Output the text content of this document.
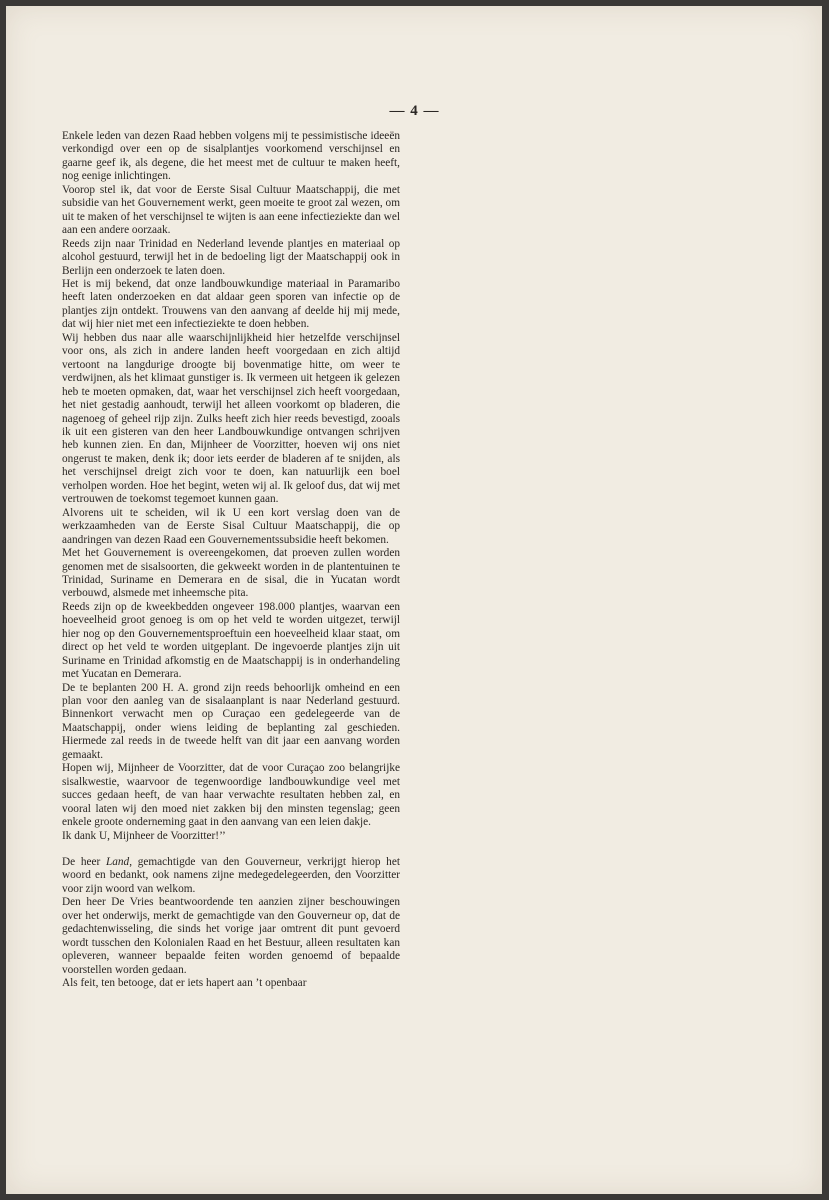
— 4 —

Enkele leden van dezen Raad hebben volgens mij te pessimistische ideeën verkondigd over een op de sisalplantjes voorkomend verschijnsel en gaarne geef ik, als degene, die het meest met de cultuur te maken heeft, nog eenige inlichtingen.

Voorop stel ik, dat voor de Eerste Sisal Cultuur Maatschappij, die met subsidie van het Gouvernement werkt, geen moeite te groot zal wezen, om uit te maken of het verschijnsel te wijten is aan eene infectieziekte dan wel aan een andere oorzaak.

Reeds zijn naar Trinidad en Nederland levende plantjes en materiaal op alcohol gestuurd, terwijl het in de bedoeling ligt der Maatschappij ook in Berlijn een onderzoek te laten doen.

Het is mij bekend, dat onze landbouwkundige materiaal in Paramaribo heeft laten onderzoeken en dat aldaar geen sporen van infectie op de plantjes zijn ontdekt. Trouwens van den aanvang af deelde hij mij mede, dat wij hier niet met een infectieziekte te doen hebben.

Wij hebben dus naar alle waarschijnlijkheid hier hetzelfde verschijnsel voor ons, als zich in andere landen heeft voorgedaan en zich altijd vertoont na langdurige droogte bij bovenmatige hitte, om weer te verdwijnen, als het klimaat gunstiger is. Ik vermeen uit hetgeen ik gelezen heb te moeten opmaken, dat, waar het verschijnsel zich heeft voorgedaan, het niet gestadig aanhoudt, terwijl het alleen voorkomt op bladeren, die nagenoeg of geheel rijp zijn. Zulks heeft zich hier reeds bevestigd, zooals ik uit een gisteren van den heer Landbouwkundige ontvangen schrijven heb kunnen zien. En dan, Mijnheer de Voorzitter, hoeven wij ons niet ongerust te maken, denk ik; door iets eerder de bladeren af te snijden, als het verschijnsel dreigt zich voor te doen, kan natuurlijk een boel verholpen worden. Hoe het begint, weten wij al. Ik geloof dus, dat wij met vertrouwen de toekomst tegemoet kunnen gaan.

Alvorens uit te scheiden, wil ik U een kort verslag doen van de werkzaamheden van de Eerste Sisal Cultuur Maatschappij, die op aandringen van dezen Raad een Gouvernementssubsidie heeft bekomen.

Met het Gouvernement is overeengekomen, dat proeven zullen worden genomen met de sisalsoorten, die gekweekt worden in de plantentuinen te Trinidad, Suriname en Demerara en de sisal, die in Yucatan wordt verbouwd, alsmede met inheemsche pita.

Reeds zijn op de kweekbedden ongeveer 198.000 plantjes, waarvan een hoeveelheid groot genoeg is om op het veld te worden uitgezet, terwijl hier nog op den Gouvernementsproeftuin een hoeveelheid klaar staat, om direct op het veld te worden uitgeplant. De ingevoerde plantjes zijn uit Suriname en Trinidad afkomstig en de Maatschappij is in onderhandeling met Yucatan en Demerara.

De te beplanten 200 H. A. grond zijn reeds behoorlijk omheind en een plan voor den aanleg van de sisalaanplant is naar Nederland gestuurd. Binnenkort verwacht men op Curaçao een gedelegeerde van de Maatschappij, onder wiens leiding de beplanting zal geschieden. Hiermede zal reeds in de tweede helft van dit jaar een aanvang worden gemaakt.

Hopen wij, Mijnheer de Voorzitter, dat de voor Curaçao zoo belangrijke sisalkwestie, waarvoor de tegenwoordige landbouwkundige veel met succes gedaan heeft, de van haar verwachte resultaten hebben zal, en vooral laten wij den moed niet zakken bij den minsten tegenslag; geen enkele groote onderneming gaat in den aanvang van een leien dakje.

Ik dank U, Mijnheer de Voorzitter!’’

De heer Land, gemachtigde van den Gouverneur, verkrijgt hierop het woord en bedankt, ook namens zijne medegedelegeerden, den Voorzitter voor zijn woord van welkom.

Den heer De Vries beantwoordende ten aanzien zijner beschouwingen over het onderwijs, merkt de gemachtigde van den Gouverneur op, dat de gedachtenwisseling, die sinds het vorige jaar omtrent dit punt gevoerd wordt tusschen den Kolonialen Raad en het Bestuur, alleen resultaten kan opleveren, wanneer bepaalde feiten worden genoemd of bepaalde voorstellen worden gedaan.

Als feit, ten betooge, dat er iets hapert aan ’t openbaar
